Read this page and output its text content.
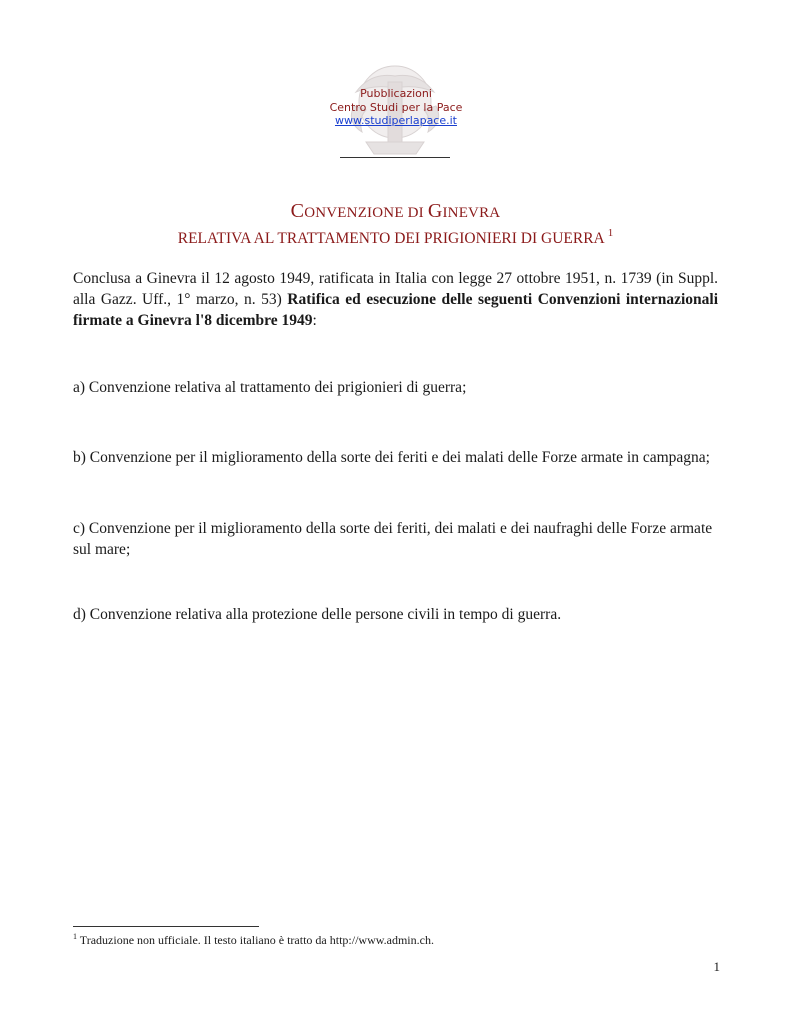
Pubblicazioni
Centro Studi per la Pace
www.studiperlapace.it
CONVENZIONE DI GINEVRA
RELATIVA AL TRATTAMENTO DEI PRIGIONIERI DI GUERRA $^1$
Conclusa a Ginevra il 12 agosto 1949, ratificata in Italia con legge 27 ottobre 1951, n. 1739 (in Suppl. alla Gazz. Uff., 1° marzo, n. 53) Ratifica ed esecuzione delle seguenti Convenzioni internazionali firmate a Ginevra l'8 dicembre 1949:
a) Convenzione relativa al trattamento dei prigionieri di guerra;
b) Convenzione per il miglioramento della sorte dei feriti e dei malati delle Forze armate in campagna;
c) Convenzione per il miglioramento della sorte dei feriti, dei malati e dei naufraghi delle Forze armate sul mare;
d) Convenzione relativa alla protezione delle persone civili in tempo di guerra.
$^1$ Traduzione non ufficiale. Il testo italiano è tratto da http://www.admin.ch.
1
